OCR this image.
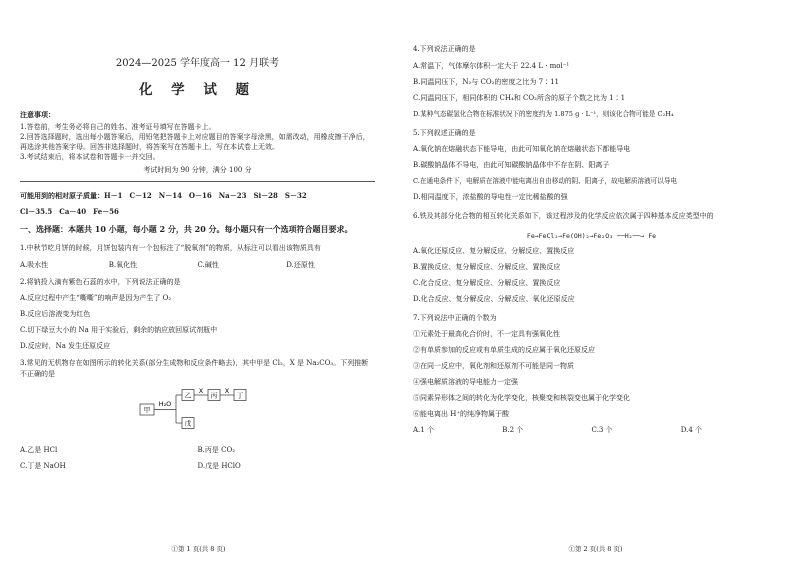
2024—2025 学年度高一 12 月联考
化 学 试 题
注意事项：
1.答卷前，考生务必将自己的姓名、准考证号填写在答题卡上。
2.回答选择题时，选出每小题答案后，用铅笔把答题卡上对应题目的答案字母涂黑，如需改动，用橡皮擦干净后，再选涂其他答案字母。回答非选择题时，将答案写在答题卡上，写在本试卷上无效。
3.考试结束后，将本试卷和答题卡一并交回。
考试时间为 90 分钟，满分 100 分
可能用到的相对原子质量：H－1　C－12　N－14　O－16　Na－23　Si－28　S－32
Cl－35.5　Ca－40　Fe－56
一、选择题：本题共 10 小题，每小题 2 分，共 20 分。每小题只有一个选项符合题目要求。
1.中秋节吃月饼的时候，月饼包装内有一个包标注了“脱氧剂”的物质，从标注可以看出该物质具有
A.吸水性	B.氧化性	C.碱性	D.还原性
2.将钠投入滴有紫色石蕊的水中，下列说法正确的是
A.反应过程中产生“嘶嘶”的响声是因为产生了 O₂
B.反应后溶液变为红色
C.切下绿豆大小的 Na 用于实验后，剩余的钠应放回原试剂瓶中
D.反应时，Na 发生还原反应
3.常见的无机物存在如图所示的转化关系(部分生成物和反应条件略去)，其中甲是 Cl₂，X 是 Na₂CO₃。下列推断不正确的是
甲
H₂O
乙
X
丙
X
丁
戊
A.乙是 HCl	B.丙是 CO₂
C.丁是 NaOH	D.戊是 HClO
①第 1 页(共 8 页)
4.下列说法正确的是
A.常温下，气体摩尔体积一定大于 22.4 L · mol⁻¹
B.同温同压下，N₂与 CO₂的密度之比为 7∶11
C.同温同压下，相同体积的 CH₄和 CO₂所含的原子个数之比为 1∶1
D.某种气态碳氢化合物在标准状况下的密度约为 1.875 g · L⁻¹，则该化合物可能是 C₂H₄
5.下列叙述正确的是
A.氧化钠在熔融状态下能导电，由此可知氧化钠在熔融状态下都能导电
B.碳酸钠晶体不导电，由此可知碳酸钠晶体中不存在阴、阳离子
C.在通电条件下，电解质在溶液中能电离出自由移动的阴、阳离子，故电解质溶液可以导电
D.相同温度下，浓盐酸的导电性一定比稀盐酸的强
6.铁及其部分化合物的相互转化关系如下，该过程涉及的化学反应依次属于四种基本反应类型中的
Fe→FeCl₂→Fe(OH)₂→Fe₂O₃ ──H₂──→ Fe
A.氧化还原反应、复分解反应、分解反应、置换反应
B.置换反应、复分解反应、分解反应、置换反应
C.化合反应、复分解反应、分解反应、置换反应
D.化合反应、复分解反应、分解反应、氧化还原反应
7.下列说法中正确的个数为
①元素处于最高化合价时，不一定具有强氧化性
②有单质参加的反应或有单质生成的反应属于氧化还原反应
③在同一反应中，氧化剂和还原剂不可能是同一物质
④强电解质溶液的导电能力一定强
⑤同素异形体之间的转化为化学变化，核聚变和核裂变也属于化学变化
⑥能电离出 H⁺的纯净物属于酸
A.1 个	B.2 个	C.3 个	D.4 个
①第 2 页(共 8 页)
